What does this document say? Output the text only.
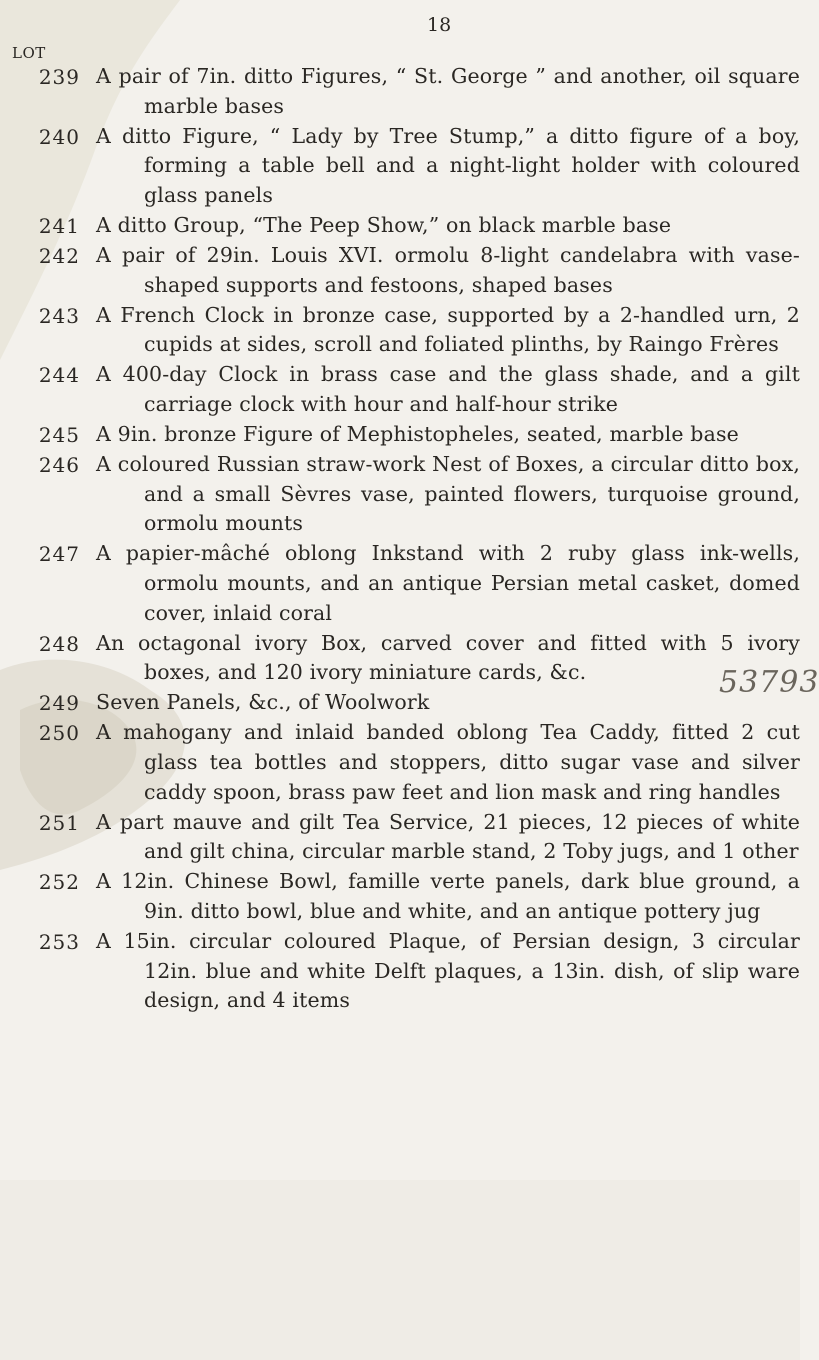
18
LOT
239 A pair of 7in. ditto Figures, “ St. George ” and another, oil square marble bases
240 A ditto Figure, “ Lady by Tree Stump,” a ditto figure of a boy, forming a table bell and a night-light holder with coloured glass panels
241 A ditto Group, “The Peep Show,” on black marble base
242 A pair of 29in. Louis XVI. ormolu 8-light candelabra with vase-shaped supports and festoons, shaped bases
243 A French Clock in bronze case, supported by a 2-handled urn, 2 cupids at sides, scroll and foliated plinths, by Raingo Frères
244 A 400-day Clock in brass case and the glass shade, and a gilt carriage clock with hour and half-hour strike
245 A 9in. bronze Figure of Mephistopheles, seated, marble base
246 A coloured Russian straw-work Nest of Boxes, a circular ditto box, and a small Sèvres vase, painted flowers, turquoise ground, ormolu mounts
247 A papier-mâché oblong Inkstand with 2 ruby glass ink-wells, ormolu mounts, and an antique Persian metal casket, domed cover, inlaid coral
248 An octagonal ivory Box, carved cover and fitted with 5 ivory boxes, and 120 ivory miniature cards, &c.
249 Seven Panels, &c., of Woolwork
250 A mahogany and inlaid banded oblong Tea Caddy, fitted 2 cut glass tea bottles and stoppers, ditto sugar vase and silver caddy spoon, brass paw feet and lion mask and ring handles
251 A part mauve and gilt Tea Service, 21 pieces, 12 pieces of white and gilt china, circular marble stand, 2 Toby jugs, and 1 other
252 A 12in. Chinese Bowl, famille verte panels, dark blue ground, a 9in. ditto bowl, blue and white, and an antique pottery jug
253 A 15in. circular coloured Plaque, of Persian design, 3 circular 12in. blue and white Delft plaques, a 13in. dish, of slip ware design, and 4 items
53793
